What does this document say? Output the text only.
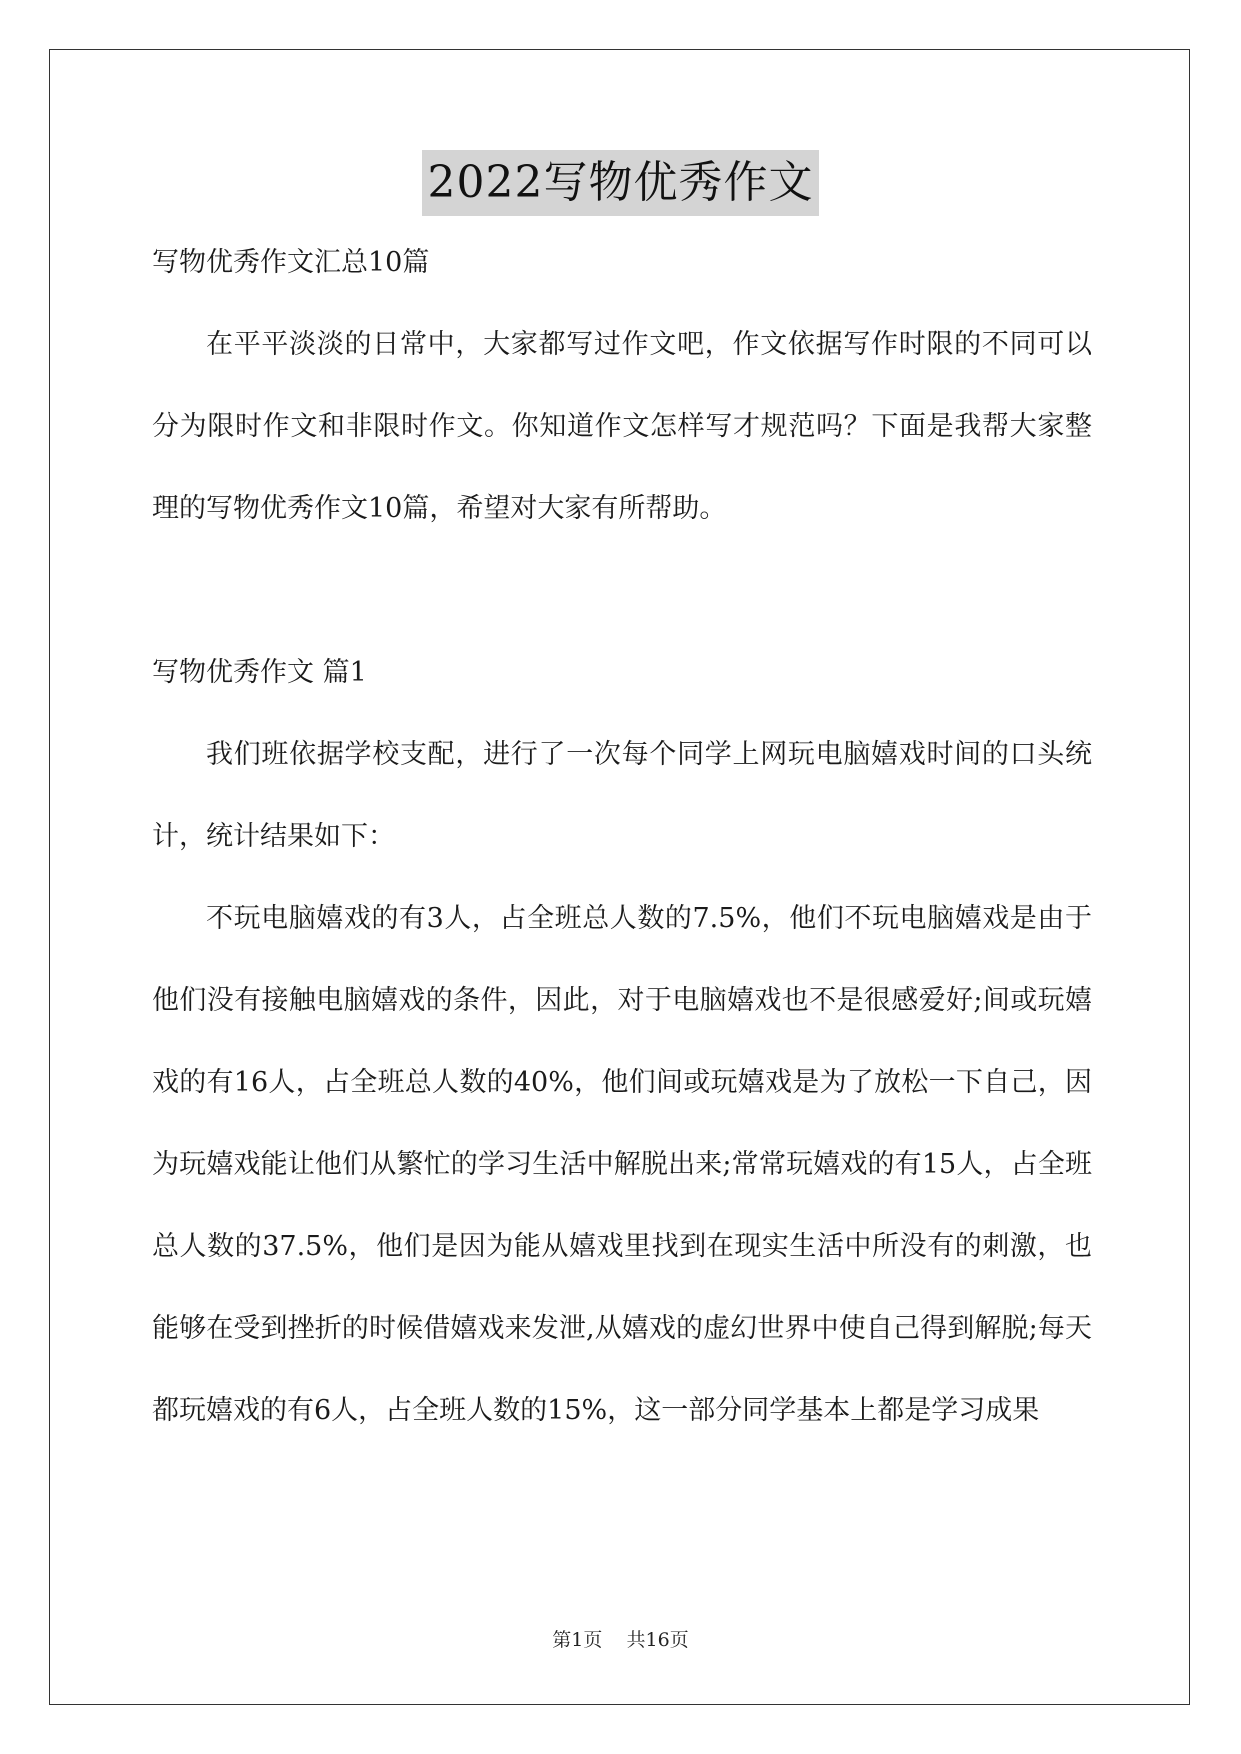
2022写物优秀作文

写物优秀作文汇总10篇

在平平淡淡的日常中，大家都写过作文吧，作文依据写作时限的不同可以分为限时作文和非限时作文。你知道作文怎样写才规范吗？下面是我帮大家整理的写物优秀作文10篇，希望对大家有所帮助。

写物优秀作文 篇1

我们班依据学校支配，进行了一次每个同学上网玩电脑嬉戏时间的口头统计，统计结果如下：

不玩电脑嬉戏的有3人，占全班总人数的7.5%，他们不玩电脑嬉戏是由于他们没有接触电脑嬉戏的条件，因此，对于电脑嬉戏也不是很感爱好;间或玩嬉戏的有16人，占全班总人数的40%，他们间或玩嬉戏是为了放松一下自己，因为玩嬉戏能让他们从繁忙的学习生活中解脱出来;常常玩嬉戏的有15人，占全班总人数的37.5%，他们是因为能从嬉戏里找到在现实生活中所没有的刺激，也能够在受到挫折的时候借嬉戏来发泄,从嬉戏的虚幻世界中使自己得到解脱;每天都玩嬉戏的有6人，占全班人数的15%，这一部分同学基本上都是学习成果

第1页    共16页
